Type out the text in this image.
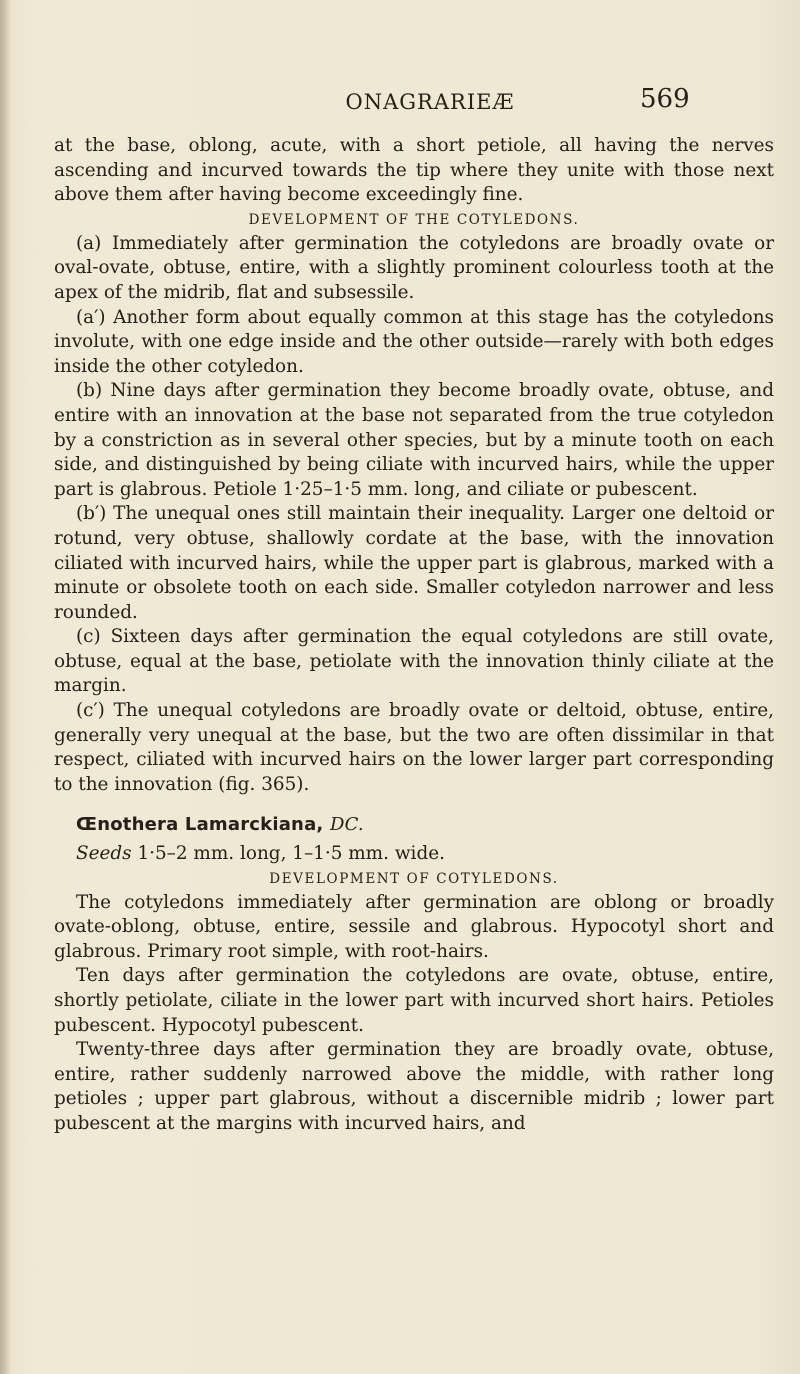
ONAGRARIEÆ	569

at the base, oblong, acute, with a short petiole, all having the nerves ascending and incurved towards the tip where they unite with those next above them after having become exceedingly fine.

DEVELOPMENT OF THE COTYLEDONS.

(a) Immediately after germination the cotyledons are broadly ovate or oval-ovate, obtuse, entire, with a slightly prominent colourless tooth at the apex of the midrib, flat and subsessile.

(a′) Another form about equally common at this stage has the cotyledons involute, with one edge inside and the other outside—rarely with both edges inside the other cotyledon.

(b) Nine days after germination they become broadly ovate, obtuse, and entire with an innovation at the base not separated from the true cotyledon by a constriction as in several other species, but by a minute tooth on each side, and distinguished by being ciliate with incurved hairs, while the upper part is glabrous. Petiole 1·25–1·5 mm. long, and ciliate or pubescent.

(b′) The unequal ones still maintain their inequality. Larger one deltoid or rotund, very obtuse, shallowly cordate at the base, with the innovation ciliated with incurved hairs, while the upper part is glabrous, marked with a minute or obsolete tooth on each side. Smaller cotyledon narrower and less rounded.

(c) Sixteen days after germination the equal cotyledons are still ovate, obtuse, equal at the base, petiolate with the innovation thinly ciliate at the margin.

(c′) The unequal cotyledons are broadly ovate or deltoid, obtuse, entire, generally very unequal at the base, but the two are often dissimilar in that respect, ciliated with incurved hairs on the lower larger part corresponding to the innovation (fig. 365).

Œnothera Lamarckiana, DC.

Seeds 1·5–2 mm. long, 1–1·5 mm. wide.

DEVELOPMENT OF COTYLEDONS.

The cotyledons immediately after germination are oblong or broadly ovate-oblong, obtuse, entire, sessile and glabrous. Hypocotyl short and glabrous. Primary root simple, with root-hairs.

Ten days after germination the cotyledons are ovate, obtuse, entire, shortly petiolate, ciliate in the lower part with incurved short hairs. Petioles pubescent. Hypocotyl pubescent.

Twenty-three days after germination they are broadly ovate, obtuse, entire, rather suddenly narrowed above the middle, with rather long petioles ; upper part glabrous, without a discernible midrib ; lower part pubescent at the margins with incurved hairs, and
